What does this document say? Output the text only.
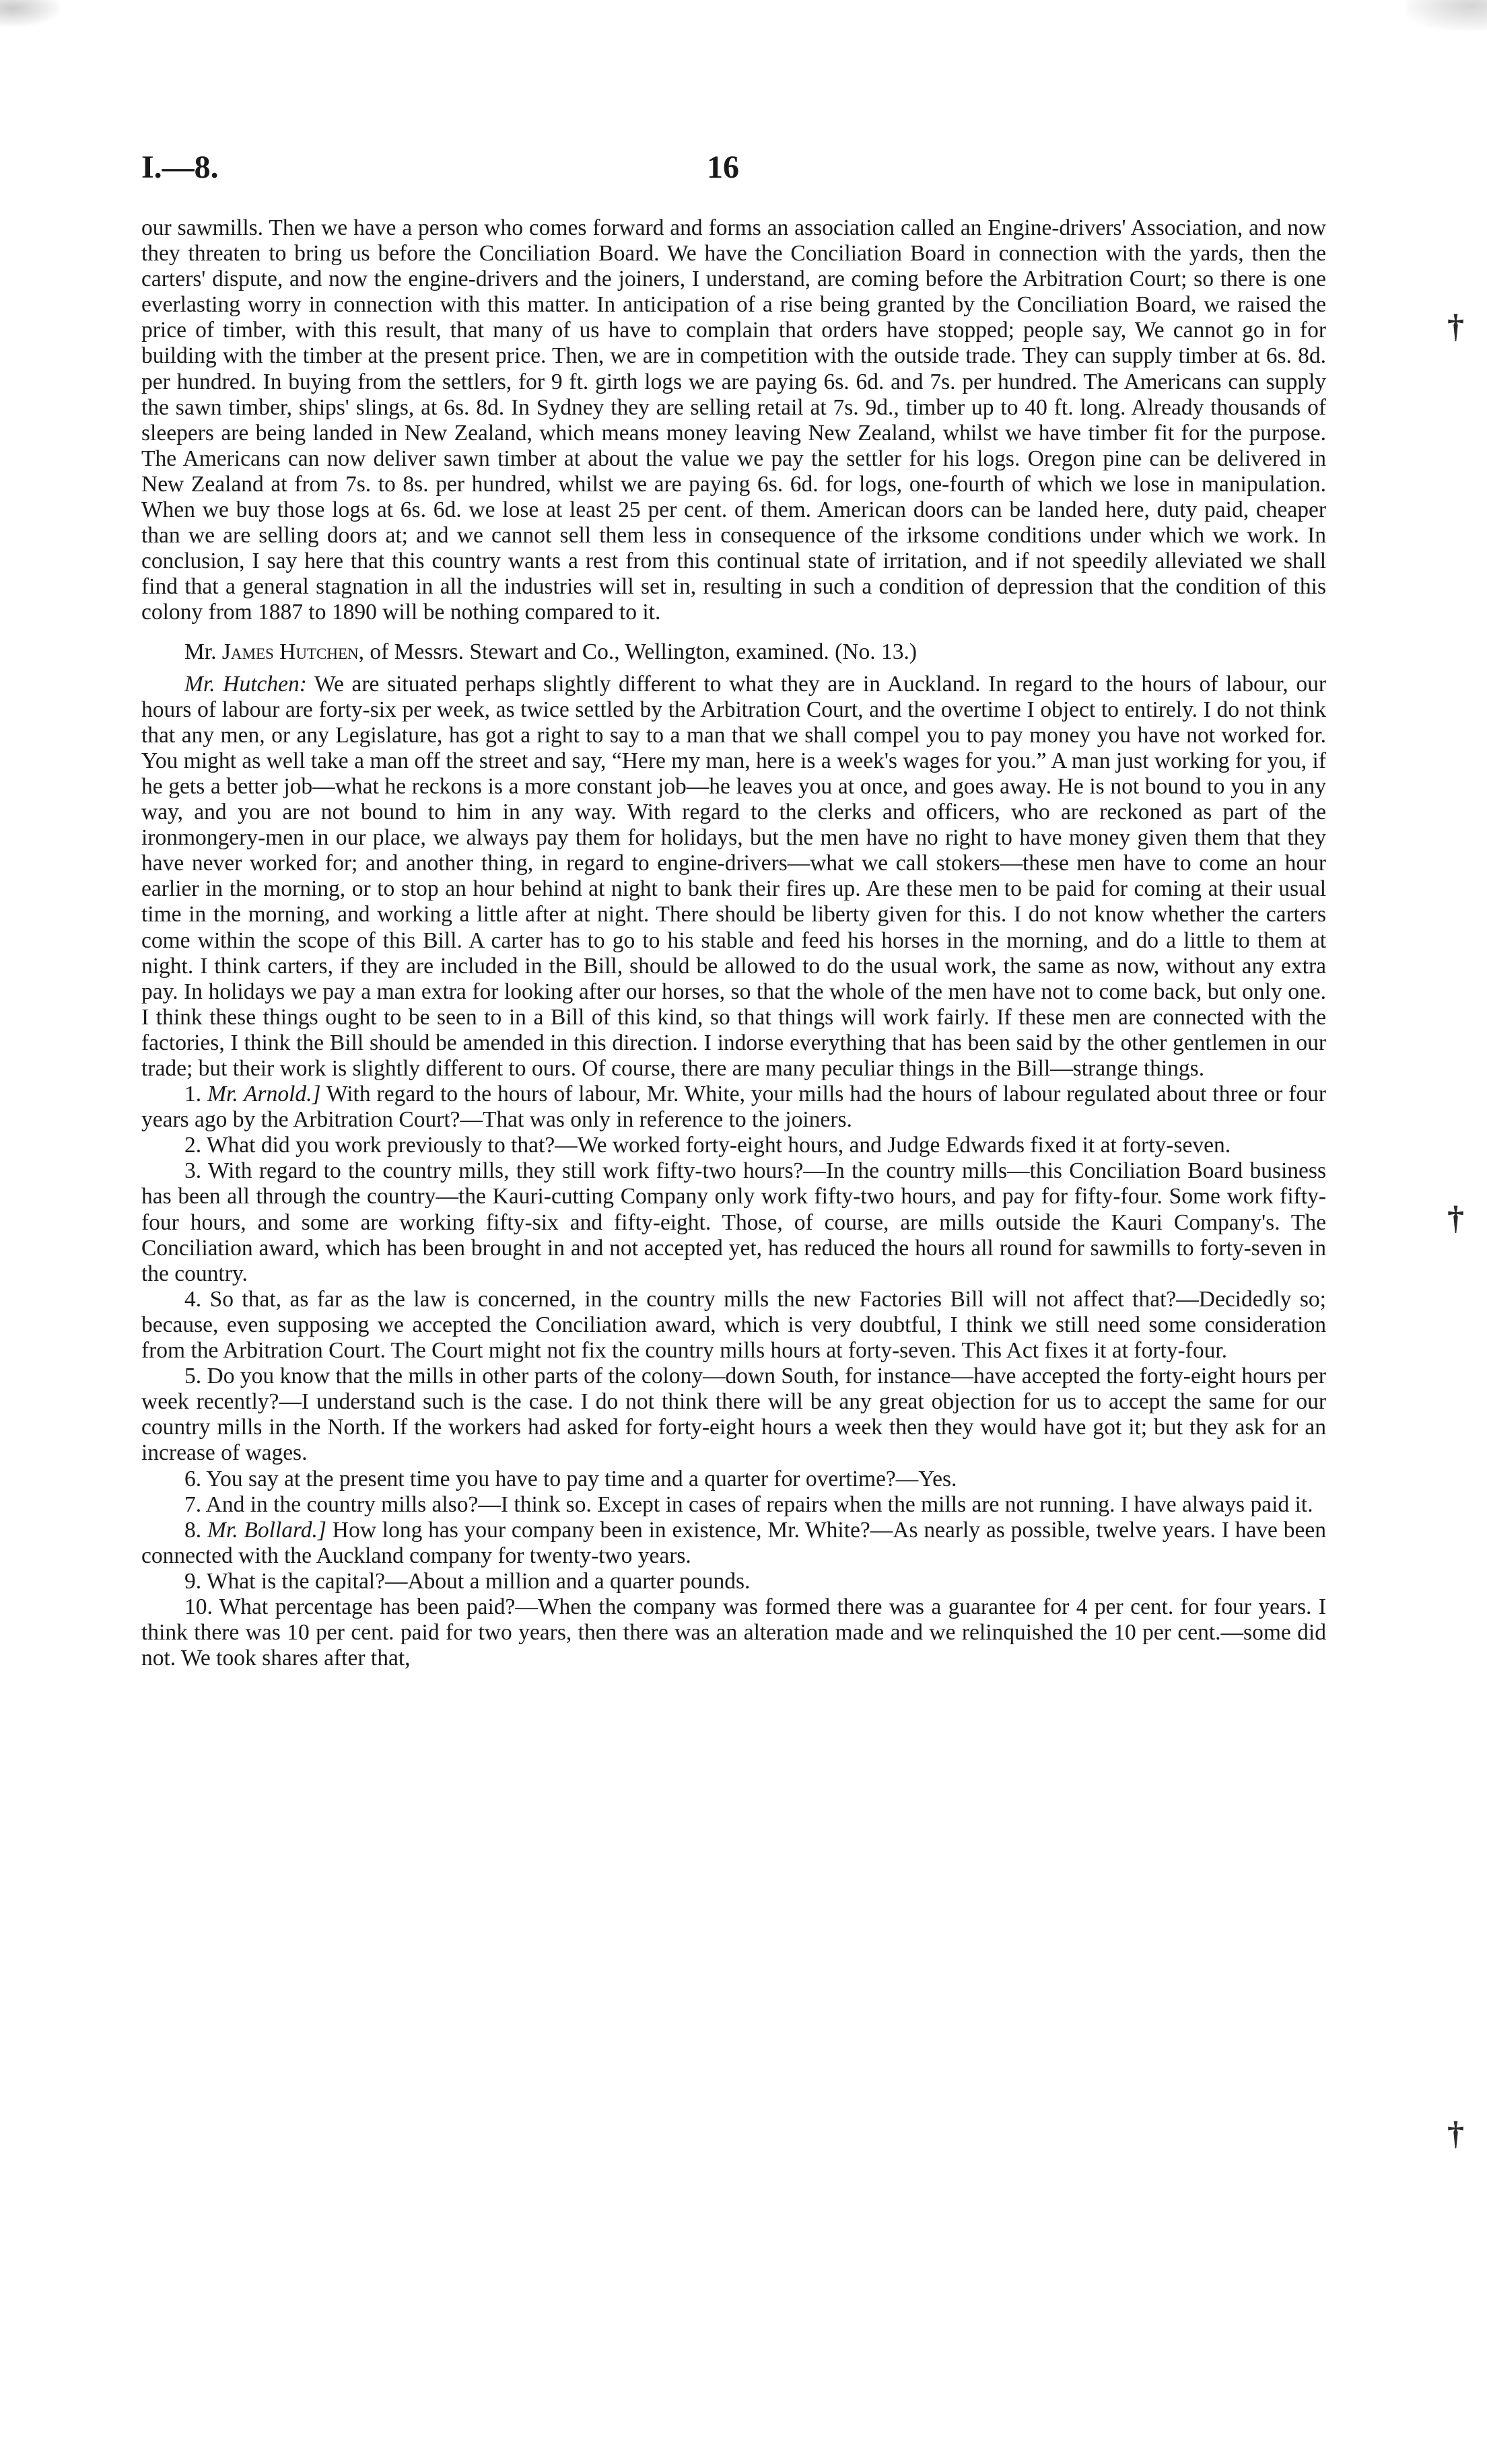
†
†
†
I.—8.	16

our sawmills. Then we have a person who comes forward and forms an association called an Engine-drivers' Association, and now they threaten to bring us before the Conciliation Board. We have the Conciliation Board in connection with the yards, then the carters' dispute, and now the engine-drivers and the joiners, I understand, are coming before the Arbitration Court; so there is one everlasting worry in connection with this matter. In anticipation of a rise being granted by the Conciliation Board, we raised the price of timber, with this result, that many of us have to complain that orders have stopped; people say, We cannot go in for building with the timber at the present price. Then, we are in competition with the outside trade. They can supply timber at 6s. 8d. per hundred. In buying from the settlers, for 9 ft. girth logs we are paying 6s. 6d. and 7s. per hundred. The Americans can supply the sawn timber, ships' slings, at 6s. 8d. In Sydney they are selling retail at 7s. 9d., timber up to 40 ft. long. Already thousands of sleepers are being landed in New Zealand, which means money leaving New Zealand, whilst we have timber fit for the purpose. The Americans can now deliver sawn timber at about the value we pay the settler for his logs. Oregon pine can be delivered in New Zealand at from 7s. to 8s. per hundred, whilst we are paying 6s. 6d. for logs, one-fourth of which we lose in manipulation. When we buy those logs at 6s. 6d. we lose at least 25 per cent. of them. American doors can be landed here, duty paid, cheaper than we are selling doors at; and we cannot sell them less in consequence of the irksome conditions under which we work. In conclusion, I say here that this country wants a rest from this continual state of irritation, and if not speedily alleviated we shall find that a general stagnation in all the industries will set in, resulting in such a condition of depression that the condition of this colony from 1887 to 1890 will be nothing compared to it.

Mr. James Hutchen, of Messrs. Stewart and Co., Wellington, examined. (No. 13.)

Mr. Hutchen: We are situated perhaps slightly different to what they are in Auckland. In regard to the hours of labour, our hours of labour are forty-six per week, as twice settled by the Arbitration Court, and the overtime I object to entirely. I do not think that any men, or any Legislature, has got a right to say to a man that we shall compel you to pay money you have not worked for. You might as well take a man off the street and say, “Here my man, here is a week's wages for you.” A man just working for you, if he gets a better job—what he reckons is a more constant job—he leaves you at once, and goes away. He is not bound to you in any way, and you are not bound to him in any way. With regard to the clerks and officers, who are reckoned as part of the ironmongery-men in our place, we always pay them for holidays, but the men have no right to have money given them that they have never worked for; and another thing, in regard to engine-drivers—what we call stokers—these men have to come an hour earlier in the morning, or to stop an hour behind at night to bank their fires up. Are these men to be paid for coming at their usual time in the morning, and working a little after at night. There should be liberty given for this. I do not know whether the carters come within the scope of this Bill. A carter has to go to his stable and feed his horses in the morning, and do a little to them at night. I think carters, if they are included in the Bill, should be allowed to do the usual work, the same as now, without any extra pay. In holidays we pay a man extra for looking after our horses, so that the whole of the men have not to come back, but only one. I think these things ought to be seen to in a Bill of this kind, so that things will work fairly. If these men are connected with the factories, I think the Bill should be amended in this direction. I indorse everything that has been said by the other gentlemen in our trade; but their work is slightly different to ours. Of course, there are many peculiar things in the Bill—strange things.

1. Mr. Arnold.] With regard to the hours of labour, Mr. White, your mills had the hours of labour regulated about three or four years ago by the Arbitration Court?—That was only in reference to the joiners.

2. What did you work previously to that?—We worked forty-eight hours, and Judge Edwards fixed it at forty-seven.

3. With regard to the country mills, they still work fifty-two hours?—In the country mills—this Conciliation Board business has been all through the country—the Kauri-cutting Company only work fifty-two hours, and pay for fifty-four. Some work fifty-four hours, and some are working fifty-six and fifty-eight. Those, of course, are mills outside the Kauri Company's. The Conciliation award, which has been brought in and not accepted yet, has reduced the hours all round for sawmills to forty-seven in the country.

4. So that, as far as the law is concerned, in the country mills the new Factories Bill will not affect that?—Decidedly so; because, even supposing we accepted the Conciliation award, which is very doubtful, I think we still need some consideration from the Arbitration Court. The Court might not fix the country mills hours at forty-seven. This Act fixes it at forty-four.

5. Do you know that the mills in other parts of the colony—down South, for instance—have accepted the forty-eight hours per week recently?—I understand such is the case. I do not think there will be any great objection for us to accept the same for our country mills in the North. If the workers had asked for forty-eight hours a week then they would have got it; but they ask for an increase of wages.

6. You say at the present time you have to pay time and a quarter for overtime?—Yes.

7. And in the country mills also?—I think so. Except in cases of repairs when the mills are not running. I have always paid it.

8. Mr. Bollard.] How long has your company been in existence, Mr. White?—As nearly as possible, twelve years. I have been connected with the Auckland company for twenty-two years.

9. What is the capital?—About a million and a quarter pounds.

10. What percentage has been paid?—When the company was formed there was a guarantee for 4 per cent. for four years. I think there was 10 per cent. paid for two years, then there was an alteration made and we relinquished the 10 per cent.—some did not. We took shares after that,
